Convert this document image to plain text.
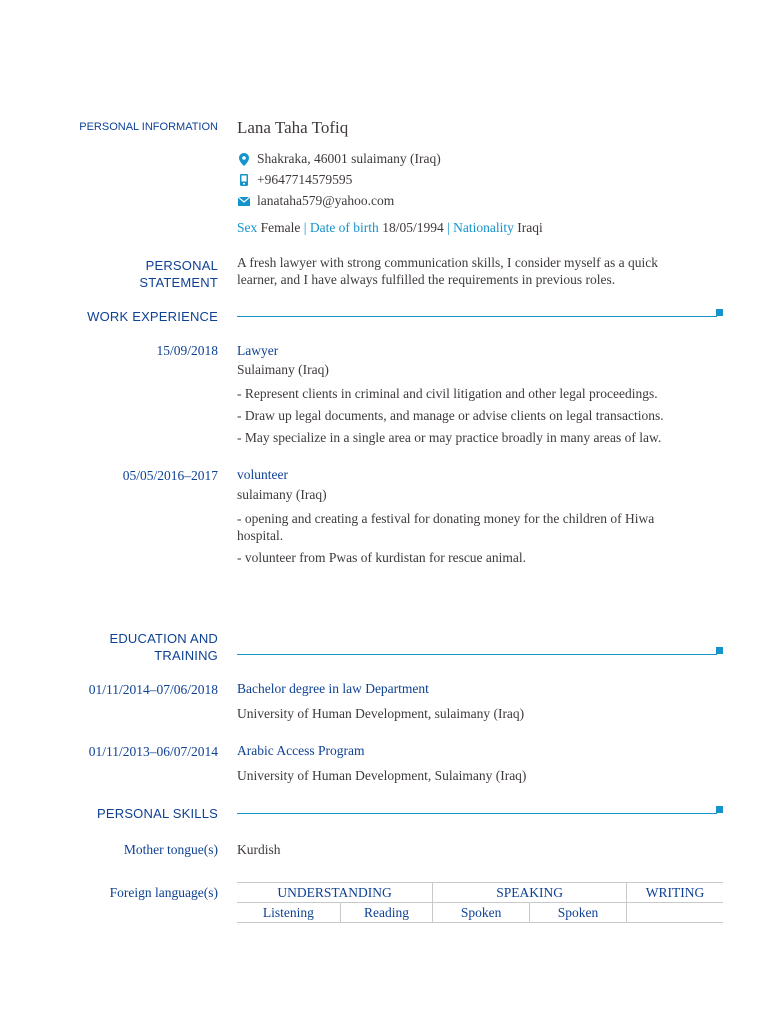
PERSONAL INFORMATION Lana Taha Tofiq
Shakraka, 46001 sulaimany (Iraq)
+9647714579595
lanataha579@yahoo.com
Sex Female | Date of birth 18/05/1994 | Nationality Iraqi
PERSONAL
STATEMENT
A fresh lawyer with strong communication skills, I consider myself as a quick
learner, and I have always fulfilled the requirements in previous roles.
WORK EXPERIENCE
15/09/2018 Lawyer
Sulaimany (Iraq)
- Represent clients in criminal and civil litigation and other legal proceedings.
- Draw up legal documents, and manage or advise clients on legal transactions.
- May specialize in a single area or may practice broadly in many areas of law.
05/05/2016–2017 volunteer
sulaimany (Iraq)
- opening and creating a festival for donating money for the children of Hiwa
hospital.
- volunteer from Pwas of kurdistan for rescue animal.
EDUCATION AND
TRAINING
01/11/2014–07/06/2018 Bachelor degree in law Department
University of Human Development, sulaimany (Iraq)
01/11/2013–06/07/2014 Arabic Access Program
University of Human Development, Sulaimany (Iraq)
PERSONAL SKILLS
Mother tongue(s) Kurdish
Foreign language(s)	UNDERSTANDING		SPEAKING		WRITING
Listening	Reading	Spoken	Spoken	
